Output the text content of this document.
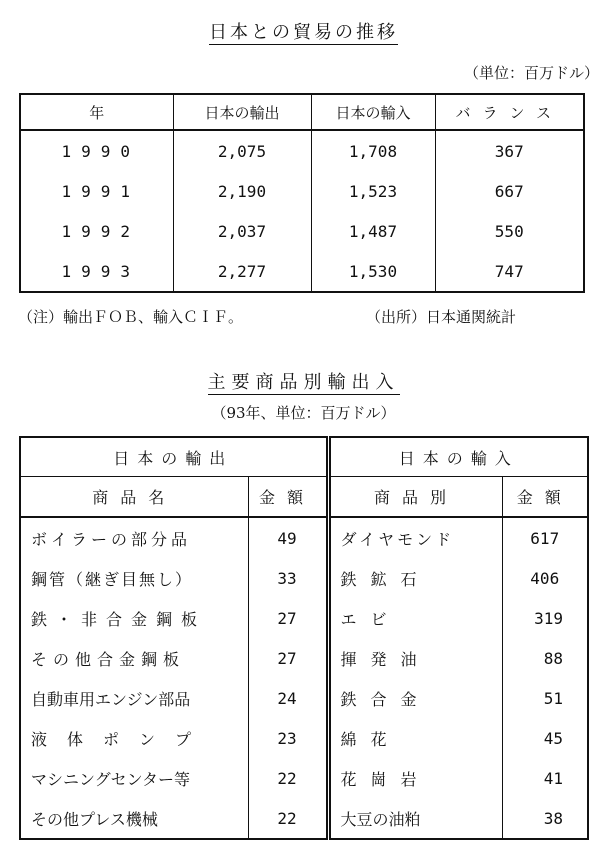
日本との貿易の推移
（単位：百万ドル）
年	日本の輸出	日本の輸入	バランス
1990	2,075	1,708	367
1991	2,190	1,523	667
1992	2,037	1,487	550
1993	2,277	1,530	747
（注）輸出ＦＯＢ、輸入ＣＩＦ。	（出所）日本通関統計
主要商品別輸出入
（93年、単位：百万ドル）
日本の輸出		日本の輸入	
商品名	金額	商品別	金額
ボイラーの部分品	49	ダイヤモンド	617
鋼管（継ぎ目無し）	33	鉄鉱石	406
鉄・非合金鋼板	27	エビ	319
その他合金鋼板	27	揮発油	88
自動車用エンジン部品	24	鉄合金	51
液体ポンプ	23	綿花	45
マシニングセンター等	22	花崗岩	41
その他プレス機械	22	大豆の油粕	38
